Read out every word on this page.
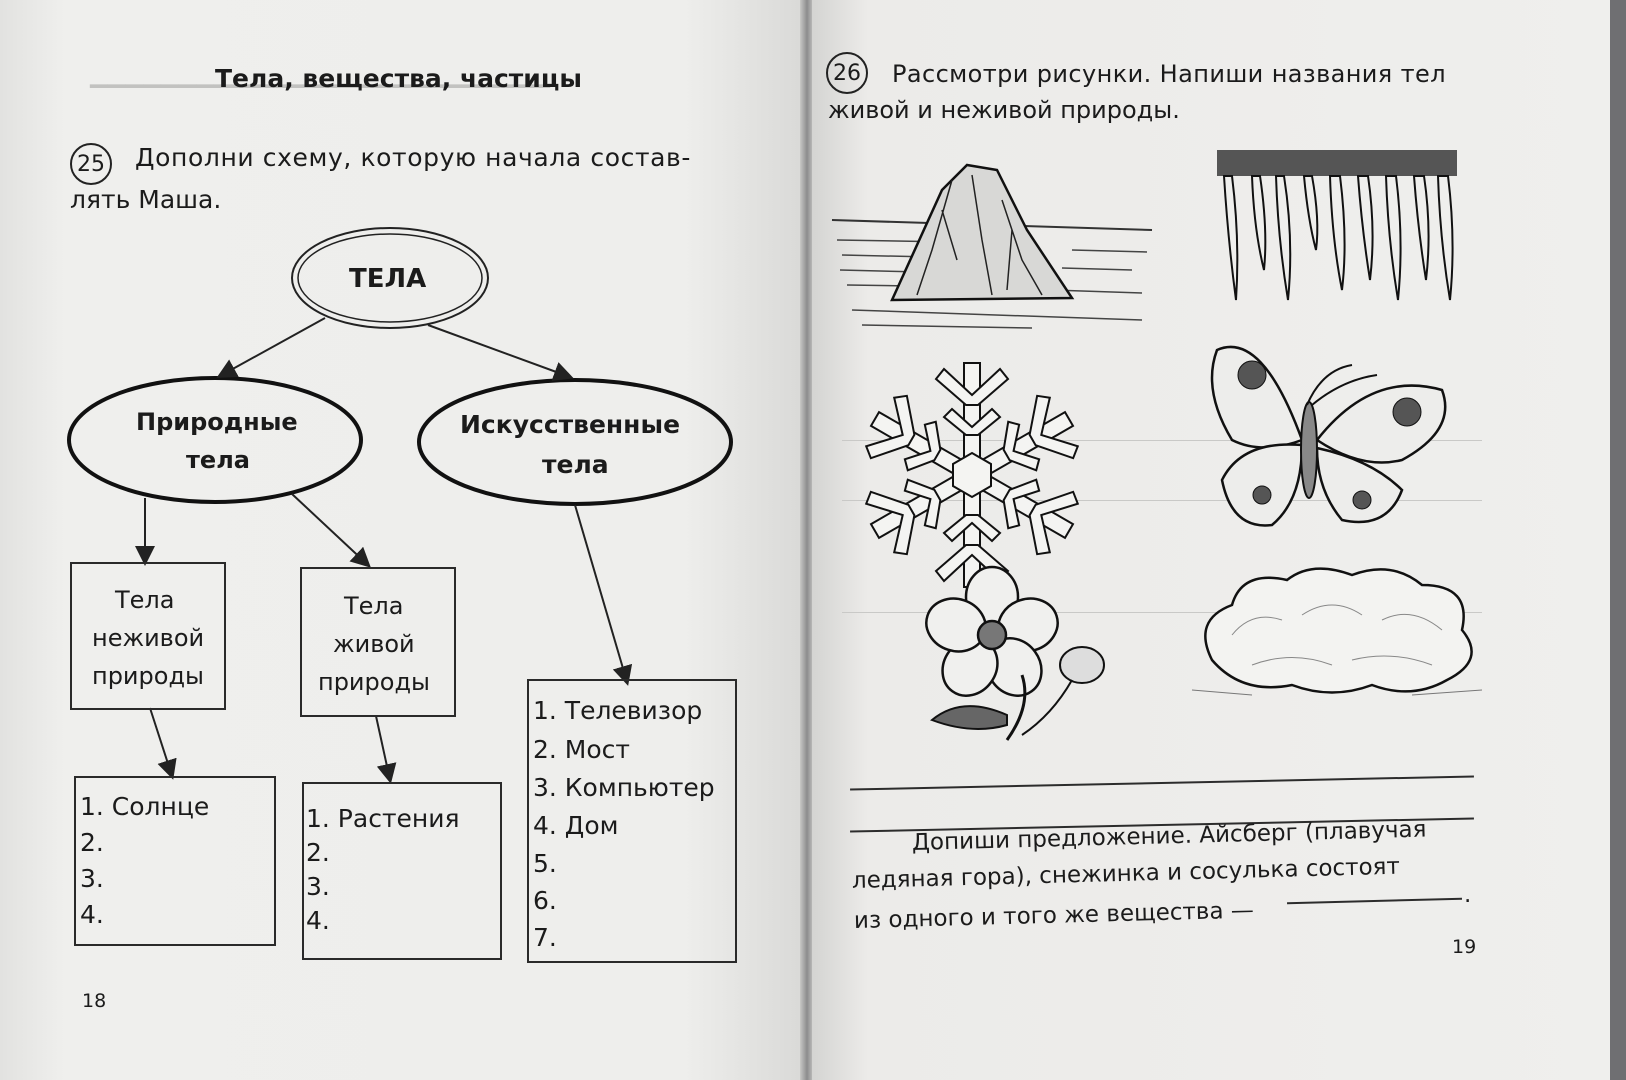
▔▔▔▔▔▔▔▔▔▔▔▔▔▔▔▔▔▔▔▔▔▔▔▔▔▔
Тела, вещества, частицы
25 Дополни схему, которую начала состав-
лять Маша.
ТЕЛА
Природные
тела
Искусственные
тела
Тела
неживой
природы
Тела
живой
природы
1. Солнце
2.
3.
4.
1. Растения
2.
3.
4.
1. Телевизор
2. Мост
3. Компьютер
4. Дом
5.
6.
7.
18
26 Рассмотри рисунки. Напиши названия тел
живой и неживой природы.
Допиши предложение. Айсберг (плавучая
ледяная гора), снежинка и сосулька состоят
из одного и того же вещества —
.
19
